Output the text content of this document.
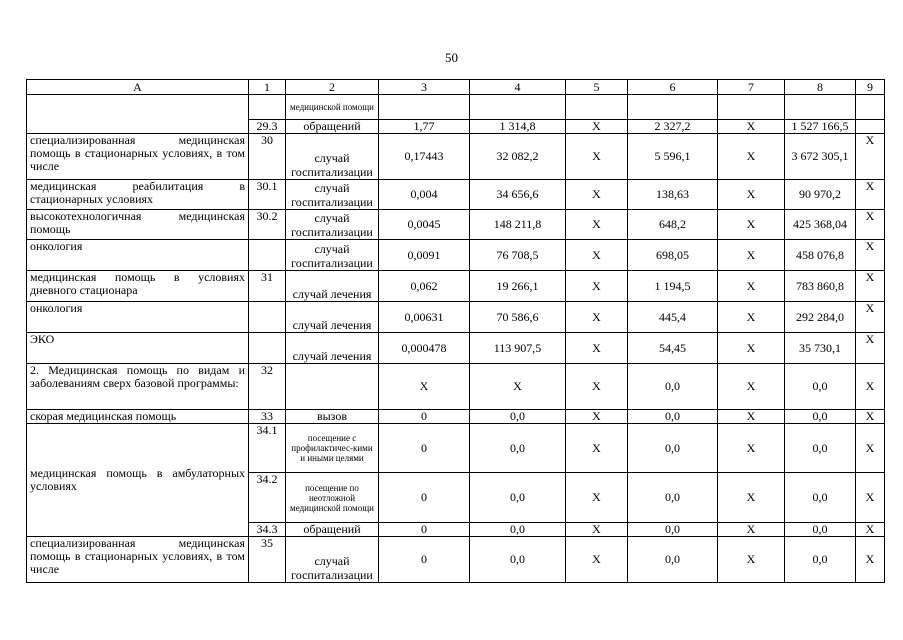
50
А	1	2	3	4	5	6	7	8	9
		медицинской помощи							
	29.3	обращений	1,77	1 314,8	X	2 327,2	X	1 527 166,5	
специализированная медицинская помощь в стационарных условиях, в том числе	30	случай госпитализации	0,17443	32 082,2	X	5 596,1	X	3 672 305,1	X
медицинская реабилитация в стационарных условиях	30.1	случай госпитализации	0,004	34 656,6	X	138,63	X	90 970,2	X
высокотехнологичная медицинская помощь	30.2	случай госпитализации	0,0045	148 211,8	X	648,2	X	425 368,04	X
онкология		случай госпитализации	0,0091	76 708,5	X	698,05	X	458 076,8	X
медицинская помощь в условиях дневного стационара	31	случай лечения	0,062	19 266,1	X	1 194,5	X	783 860,8	X
онкология		случай лечения	0,00631	70 586,6	X	445,4	X	292 284,0	X
ЭКО		случай лечения	0,000478	113 907,5	X	54,45	X	35 730,1	X
2. Медицинская помощь по видам и заболеваниям сверх базовой программы:	32		X	X	X	0,0	X	0,0	X
скорая медицинская помощь	33	вызов	0	0,0	X	0,0	X	0,0	X
медицинская помощь в амбулаторных условиях	34.1	посещение с профилактичес-кими и иными целями	0	0,0	X	0,0	X	0,0	X
	34.2	посещение по неотложной медицинской помощи	0	0,0	X	0,0	X	0,0	X
	34.3	обращений	0	0,0	X	0,0	X	0,0	X
специализированная медицинская помощь в стационарных условиях, в том числе	35	случай госпитализации	0	0,0	X	0,0	X	0,0	X
